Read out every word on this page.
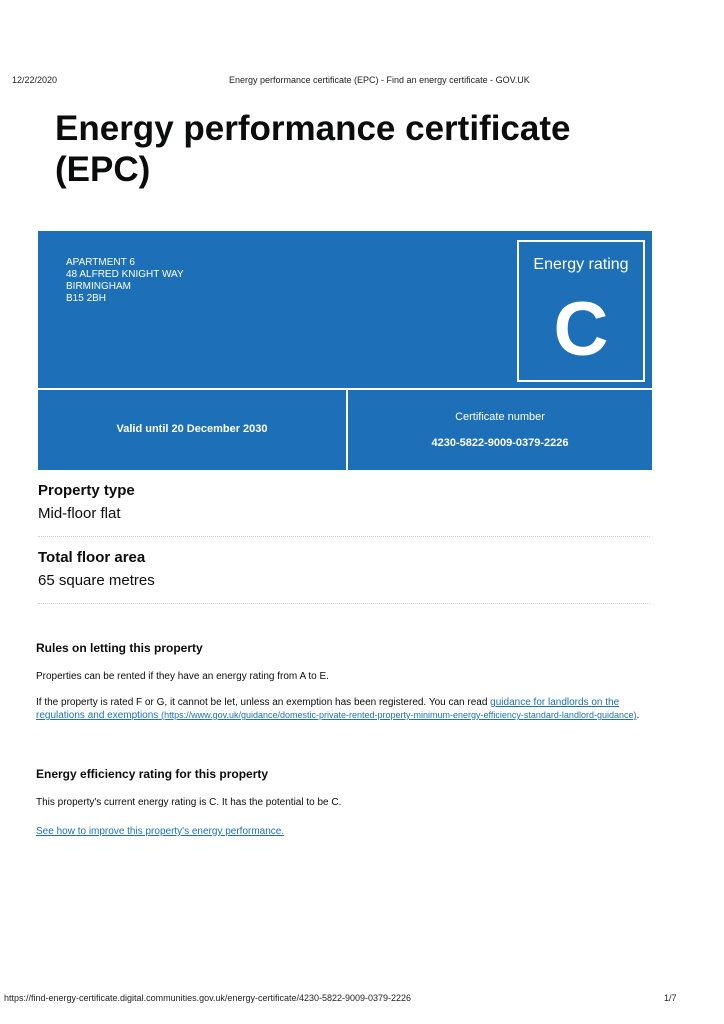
12/22/2020	Energy performance certificate (EPC) - Find an energy certificate - GOV.UK
Energy performance certificate (EPC)
APARTMENT 6
48 ALFRED KNIGHT WAY
BIRMINGHAM
B15 2BH
Energy rating
C
Valid until 20 December 2030
Certificate number
4230-5822-9009-0379-2226
Property type
Mid-floor flat
Total floor area
65 square metres
Rules on letting this property
Properties can be rented if they have an energy rating from A to E.
If the property is rated F or G, it cannot be let, unless an exemption has been registered. You can read guidance for landlords on the regulations and exemptions (https://www.gov.uk/guidance/domestic-private-rented-property-minimum-energy-efficiency-standard-landlord-guidance).
Energy efficiency rating for this property
This property's current energy rating is C. It has the potential to be C.
See how to improve this property's energy performance.
https://find-energy-certificate.digital.communities.gov.uk/energy-certificate/4230-5822-9009-0379-2226	1/7
